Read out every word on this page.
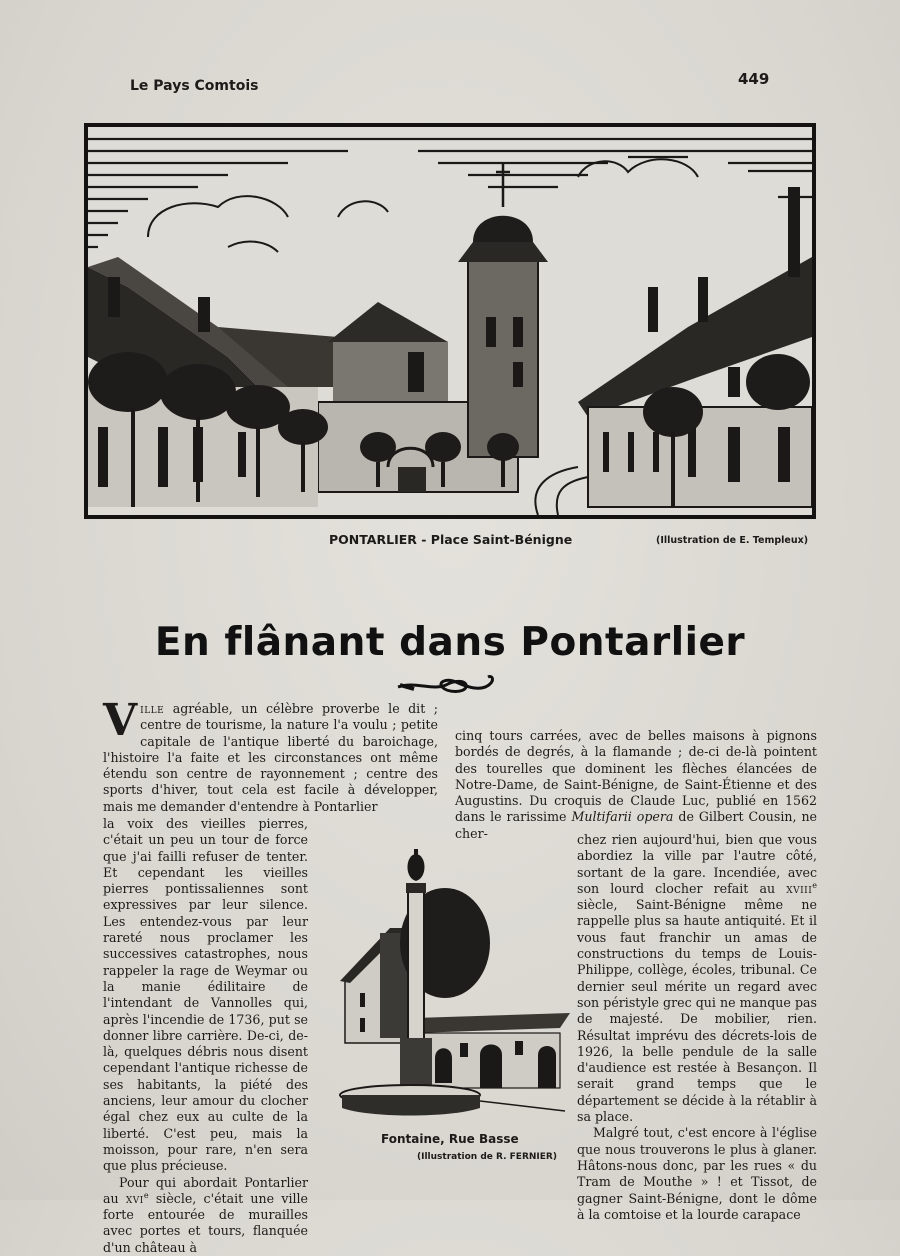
Le Pays Comtois	449
PONTARLIER - Place Saint-Bénigne	(Illustration de E. Templeux)
En flânant dans Pontarlier

Ville agréable, un célèbre proverbe le dit ; centre de tourisme, la nature l'a voulu ; petite capitale de l'antique liberté du baroichage, l'histoire l'a faite et les circonstances ont même étendu son centre de rayonnement ; centre des sports d'hiver, tout cela est facile à développer, mais me demander d'entendre à Pontarlier

la voix des vieilles pierres, c'était un peu un tour de force que j'ai failli refuser de tenter. Et cependant les vieilles pierres pontissaliennes sont expressives par leur silence. Les entendez-vous par leur rareté nous proclamer les successives catastrophes, nous rappeler la rage de Weymar ou la manie édilitaire de l'intendant de Vannolles qui, après l'incendie de 1736, put se donner libre carrière. De-ci, de-là, quelques débris nous disent cependant l'antique richesse de ses habitants, la piété des anciens, leur amour du clocher égal chez eux au culte de la liberté. C'est peu, mais la moisson, pour rare, n'en sera que plus précieuse.

Pour qui abordait Pontarlier au xvi$^e$ siècle, c'était une ville forte entourée de murailles avec portes et tours, flanquée d'un château à

cinq tours carrées, avec de belles maisons à pignons bordés de degrés, à la flamande ; de-ci de-là pointent des tourelles que dominent les flèches élancées de Notre-Dame, de Saint-Bénigne, de Saint-Étienne et des Augustins. Du croquis de Claude Luc, publié en 1562 dans le rarissime Multifarii opera de Gilbert Cousin, ne cher-	chez rien aujourd'hui, bien que vous abordiez la ville par l'autre côté, sortant de la gare. Incendiée, avec son lourd clocher refait au xviii$^e$ siècle, Saint-Bénigne même ne rappelle plus sa haute antiquité. Et il vous faut franchir un amas de constructions du temps de Louis-Philippe, collège, écoles, tribunal. Ce dernier seul mérite un regard avec son péristyle grec qui ne manque pas de majesté. De mobilier, rien. Résultat imprévu des décrets-lois de 1926, la belle pendule de la salle d'audience est restée à Besançon. Il serait grand temps que le département se décide à la rétablir à sa place.

Malgré tout, c'est encore à l'église que nous trouverons le plus à glaner. Hâtons-nous donc, par les rues « du Tram de Mouthe » ! et Tissot, de gagner Saint-Bénigne, dont le dôme à la comtoise et la lourde carapace

Fontaine, Rue Basse
(Illustration de R. FERNIER)
